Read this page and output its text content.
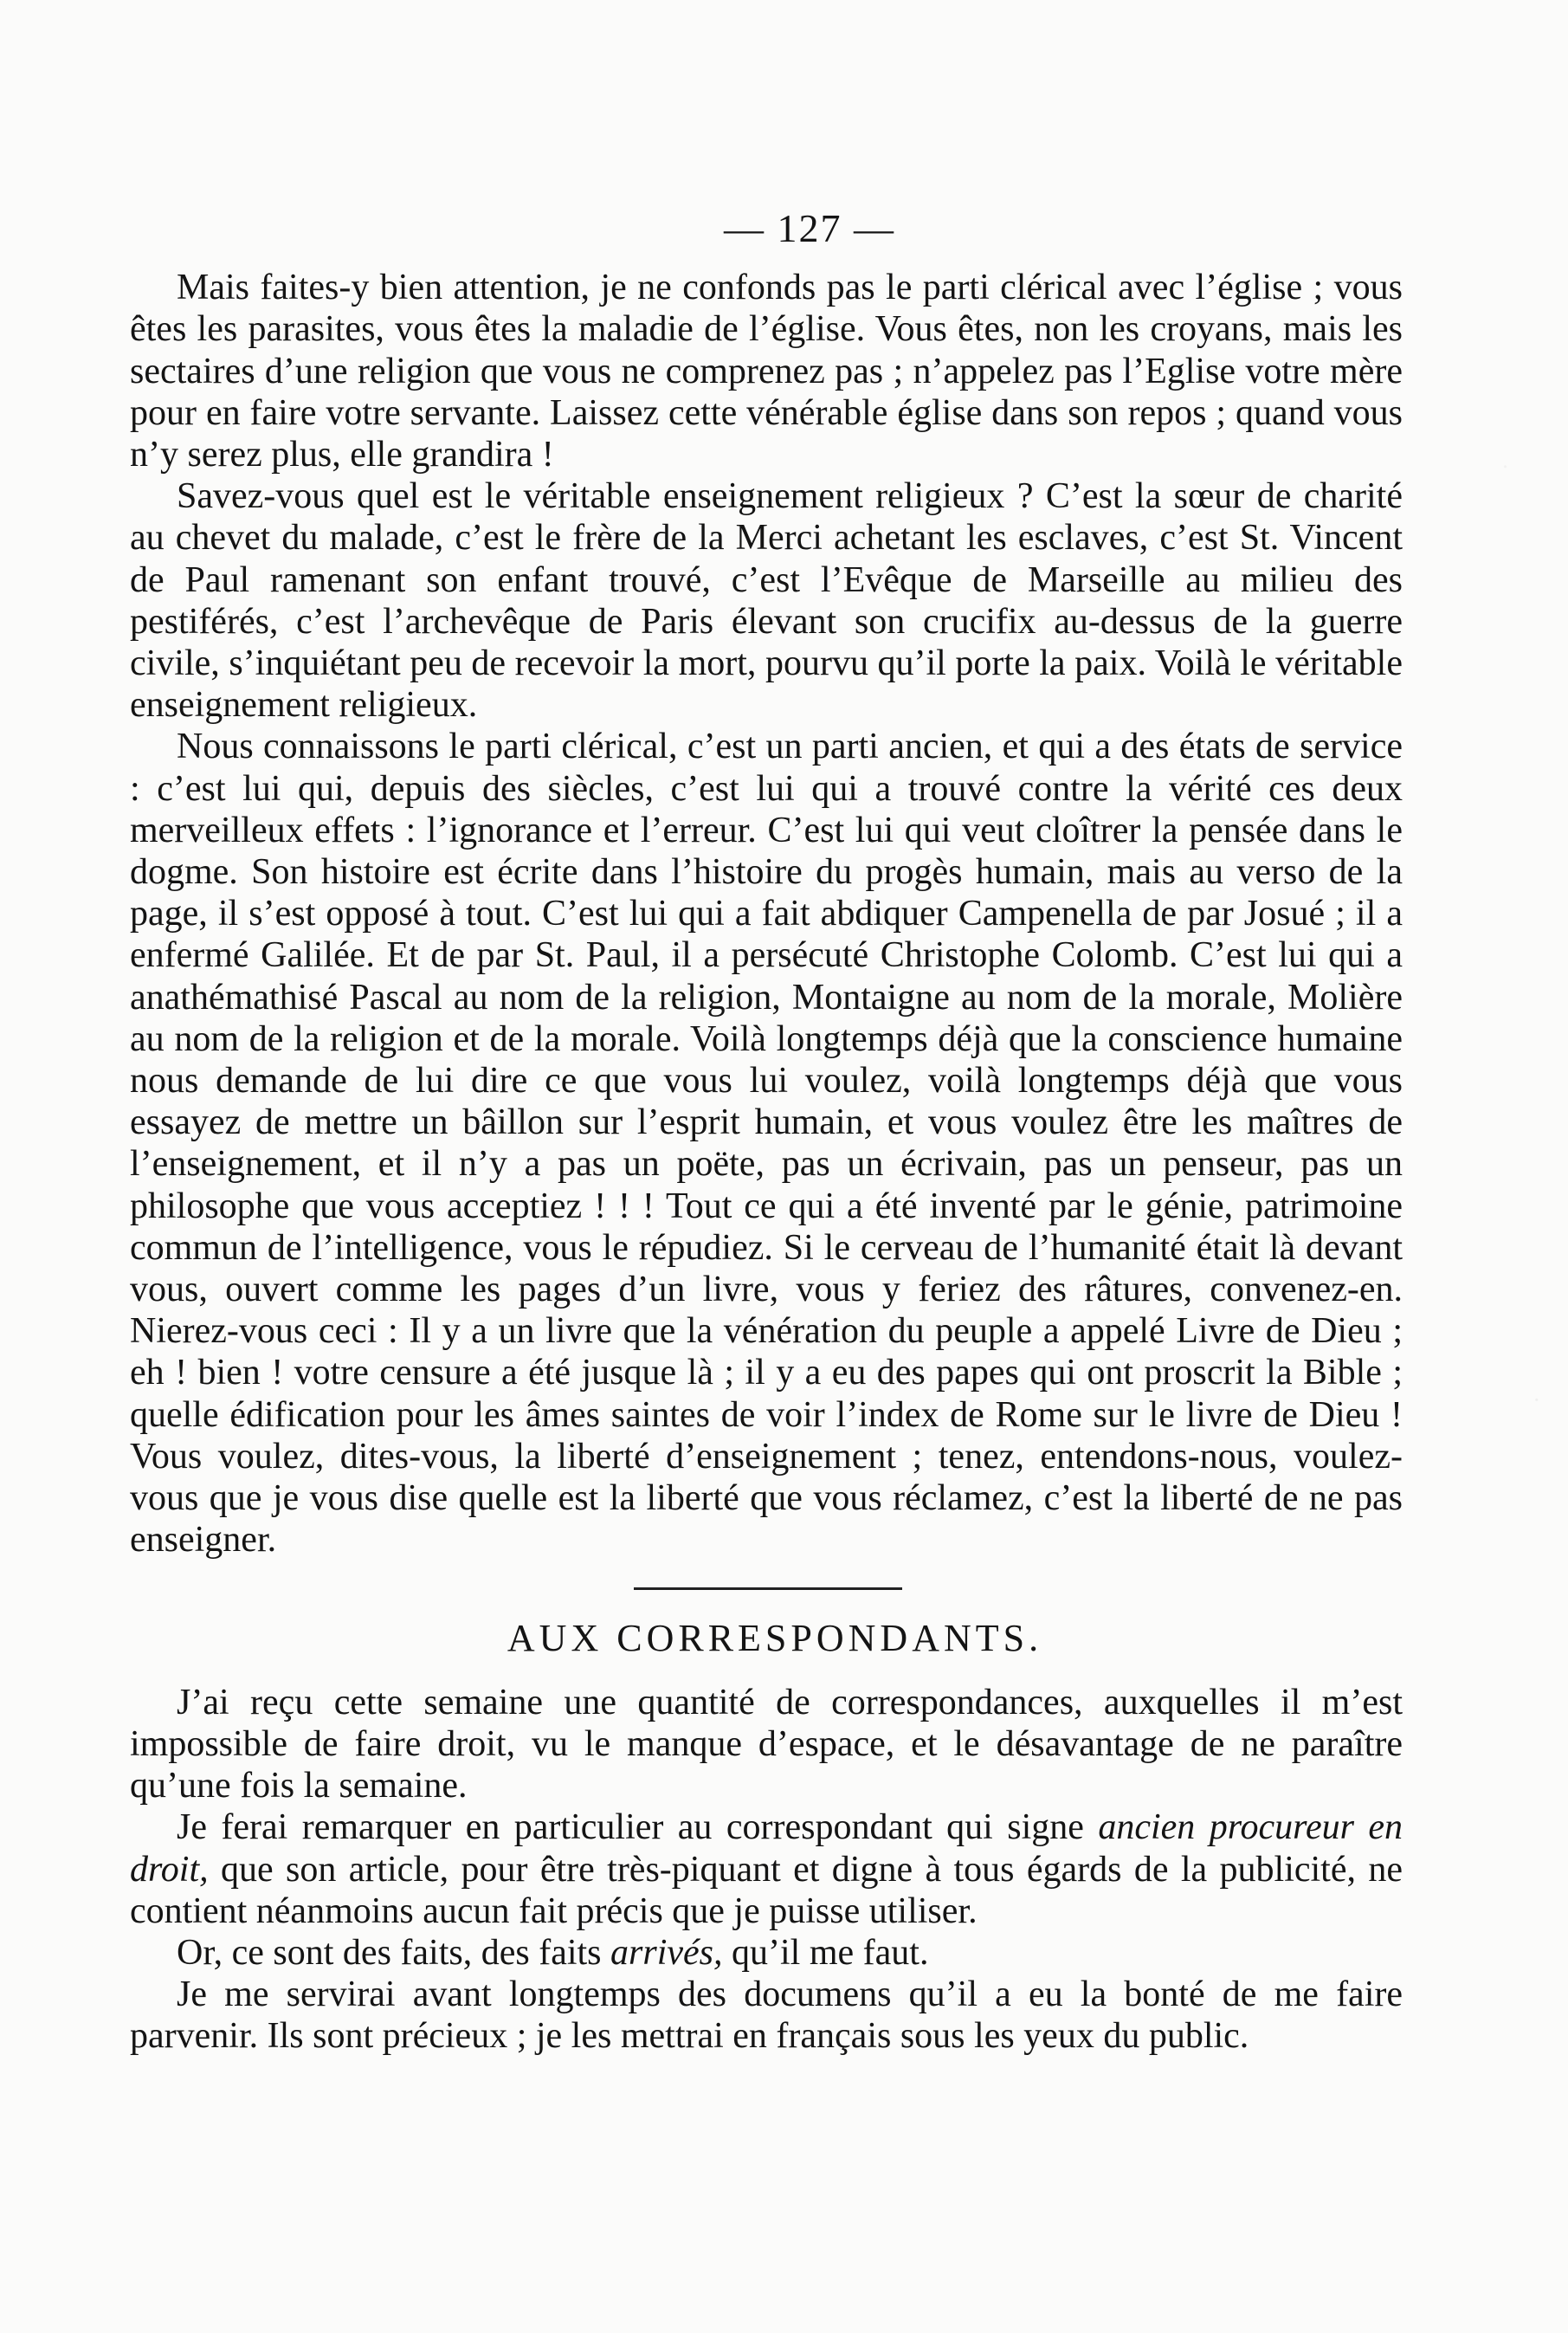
— 127 —

Mais faites-y bien attention, je ne confonds pas le parti clérical avec l’église ; vous êtes les parasites, vous êtes la maladie de l’église. Vous êtes, non les croyans, mais les sectaires d’une religion que vous ne comprenez pas ; n’appelez pas l’Eglise votre mère pour en faire votre servante. Laissez cette vénérable église dans son repos ; quand vous n’y serez plus, elle grandira !

Savez-vous quel est le véritable enseignement religieux ? C’est la sœur de charité au chevet du malade, c’est le frère de la Merci achetant les esclaves, c’est St. Vincent de Paul ramenant son enfant trouvé, c’est l’Evêque de Marseille au milieu des pestiférés, c’est l’archevêque de Paris élevant son crucifix au-dessus de la guerre civile, s’inquiétant peu de recevoir la mort, pourvu qu’il porte la paix. Voilà le véritable enseignement religieux.

Nous connaissons le parti clérical, c’est un parti ancien, et qui a des états de service : c’est lui qui, depuis des siècles, c’est lui qui a trouvé contre la vérité ces deux merveilleux effets : l’ignorance et l’erreur. C’est lui qui veut cloîtrer la pensée dans le dogme. Son histoire est écrite dans l’histoire du progès humain, mais au verso de la page, il s’est opposé à tout. C’est lui qui a fait abdiquer Campenella de par Josué ; il a enfermé Galilée. Et de par St. Paul, il a persécuté Christophe Colomb. C’est lui qui a anathémathisé Pascal au nom de la religion, Montaigne au nom de la morale, Molière au nom de la religion et de la morale. Voilà longtemps déjà que la conscience humaine nous demande de lui dire ce que vous lui voulez, voilà longtemps déjà que vous essayez de mettre un bâillon sur l’esprit humain, et vous voulez être les maîtres de l’enseignement, et il n’y a pas un poëte, pas un écrivain, pas un penseur, pas un philosophe que vous acceptiez ! ! ! Tout ce qui a été inventé par le génie, patrimoine commun de l’intelligence, vous le répudiez. Si le cerveau de l’humanité était là devant vous, ouvert comme les pages d’un livre, vous y feriez des râtures, convenez-en. Nierez-vous ceci : Il y a un livre que la vénération du peuple a appelé Livre de Dieu ; eh ! bien ! votre censure a été jusque là ; il y a eu des papes qui ont proscrit la Bible ; quelle édification pour les âmes saintes de voir l’index de Rome sur le livre de Dieu ! Vous voulez, dites-vous, la liberté d’enseignement ; tenez, entendons-nous, voulez-vous que je vous dise quelle est la liberté que vous réclamez, c’est la liberté de ne pas enseigner.

AUX CORRESPONDANTS.

J’ai reçu cette semaine une quantité de correspondances, auxquelles il m’est impossible de faire droit, vu le manque d’espace, et le désavantage de ne paraître qu’une fois la semaine.

Je ferai remarquer en particulier au correspondant qui signe ancien procureur en droit, que son article, pour être très-piquant et digne à tous égards de la publicité, ne contient néanmoins aucun fait précis que je puisse utiliser.

Or, ce sont des faits, des faits arrivés, qu’il me faut.

Je me servirai avant longtemps des documens qu’il a eu la bonté de me faire parvenir. Ils sont précieux ; je les mettrai en français sous les yeux du public.
